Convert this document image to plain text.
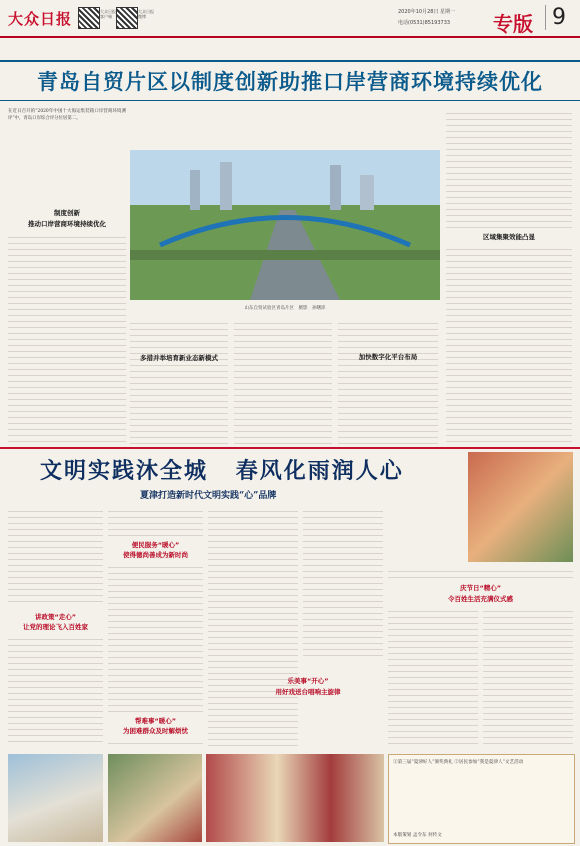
大众日报	大众日报客户端
大众日报微博
2020年10月28日 星期一
电话(0531)85193733 专版 9
青岛自贸片区以制度创新助推口岸营商环境持续优化
在近日召开的“2020年中国十大海运集装箱口岸营商环境测评”中，青岛口岸综合评分位居第二。
制度创新
推动口岸营商环境持续优化
山东自贸试验区青岛片区　摄影　孙曙沛
多措并举培育新业态新模式	加快数字化平台布局
区域集聚效能凸显
文明实践沐全城 春风化雨润人心
夏津打造新时代文明实践“心”品牌
讲政策“走心”
让党的理论飞入百姓家
便民服务“暖心”
使得德尚善成为新时尚
帮难事“暖心”
为困难群众及时解烦忧
乐美事“开心”
用好戏送台唱响主旋律
庆节日“精心”
令百姓生活充满仪式感
①第三届“夏津好人”颁奖典礼 ②居民参加“我是夏津人”文艺活动
本版策划 孟令东 何传文
